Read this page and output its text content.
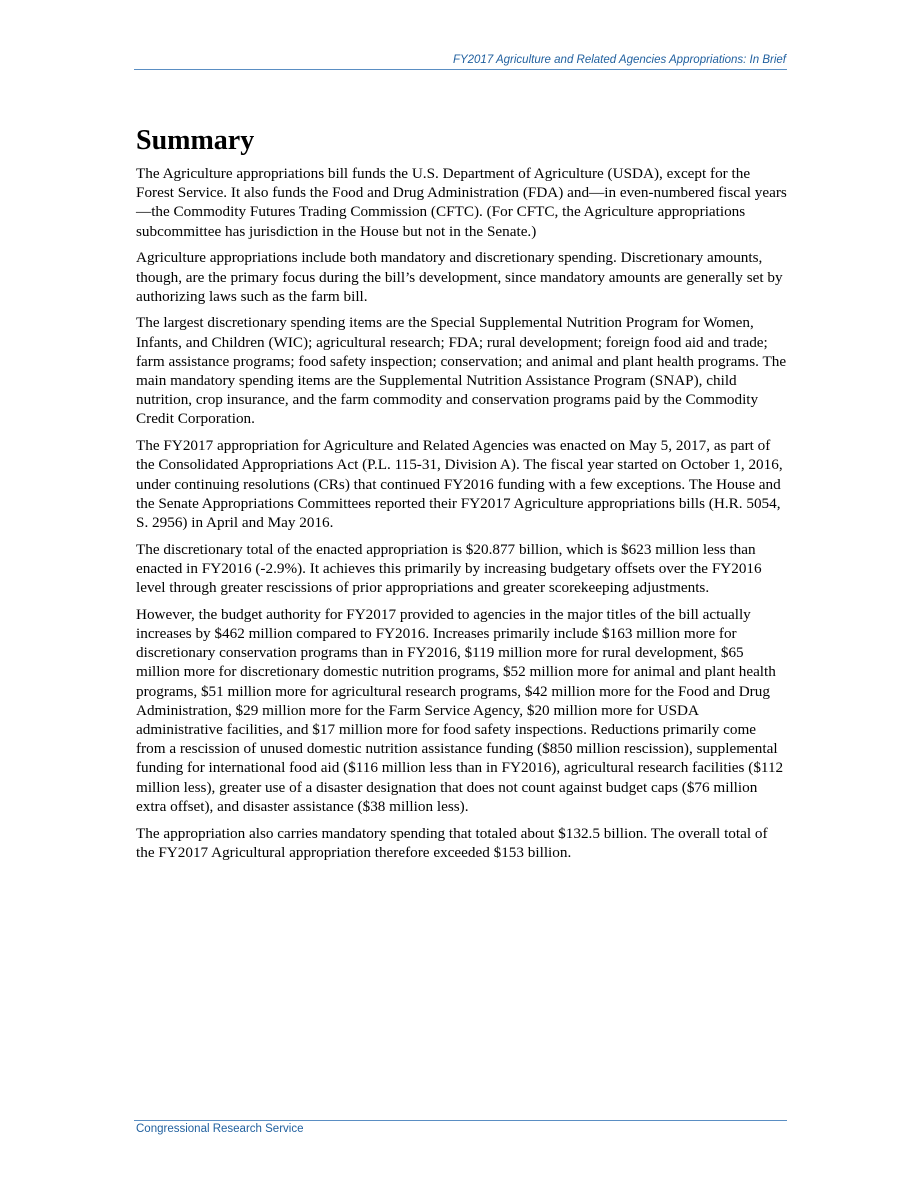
FY2017 Agriculture and Related Agencies Appropriations: In Brief
Summary

The Agriculture appropriations bill funds the U.S. Department of Agriculture (USDA), except for the Forest Service. It also funds the Food and Drug Administration (FDA) and—in even-numbered fiscal years—the Commodity Futures Trading Commission (CFTC). (For CFTC, the Agriculture appropriations subcommittee has jurisdiction in the House but not in the Senate.)

Agriculture appropriations include both mandatory and discretionary spending. Discretionary amounts, though, are the primary focus during the bill’s development, since mandatory amounts are generally set by authorizing laws such as the farm bill.

The largest discretionary spending items are the Special Supplemental Nutrition Program for Women, Infants, and Children (WIC); agricultural research; FDA; rural development; foreign food aid and trade; farm assistance programs; food safety inspection; conservation; and animal and plant health programs. The main mandatory spending items are the Supplemental Nutrition Assistance Program (SNAP), child nutrition, crop insurance, and the farm commodity and conservation programs paid by the Commodity Credit Corporation.

The FY2017 appropriation for Agriculture and Related Agencies was enacted on May 5, 2017, as part of the Consolidated Appropriations Act (P.L. 115-31, Division A). The fiscal year started on October 1, 2016, under continuing resolutions (CRs) that continued FY2016 funding with a few exceptions. The House and the Senate Appropriations Committees reported their FY2017 Agriculture appropriations bills (H.R. 5054, S. 2956) in April and May 2016.

The discretionary total of the enacted appropriation is $20.877 billion, which is $623 million less than enacted in FY2016 (-2.9%). It achieves this primarily by increasing budgetary offsets over the FY2016 level through greater rescissions of prior appropriations and greater scorekeeping adjustments.

However, the budget authority for FY2017 provided to agencies in the major titles of the bill actually increases by $462 million compared to FY2016. Increases primarily include $163 million more for discretionary conservation programs than in FY2016, $119 million more for rural development, $65 million more for discretionary domestic nutrition programs, $52 million more for animal and plant health programs, $51 million more for agricultural research programs, $42 million more for the Food and Drug Administration, $29 million more for the Farm Service Agency, $20 million more for USDA administrative facilities, and $17 million more for food safety inspections. Reductions primarily come from a rescission of unused domestic nutrition assistance funding ($850 million rescission), supplemental funding for international food aid ($116 million less than in FY2016), agricultural research facilities ($112 million less), greater use of a disaster designation that does not count against budget caps ($76 million extra offset), and disaster assistance ($38 million less).

The appropriation also carries mandatory spending that totaled about $132.5 billion. The overall total of the FY2017 Agricultural appropriation therefore exceeded $153 billion.

Congressional Research Service
